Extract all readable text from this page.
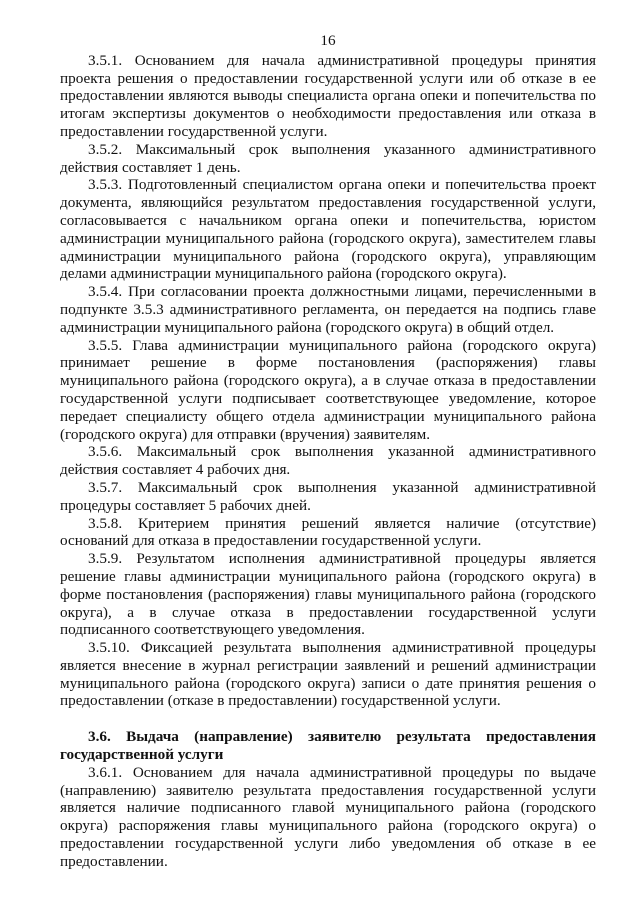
16

3.5.1. Основанием для начала административной процедуры принятия проекта решения о предоставлении государственной услуги или об отказе в ее предоставлении являются выводы специалиста органа опеки и попечительства по итогам экспертизы документов о необходимости предоставления или отказа в предоставлении государственной услуги.

3.5.2. Максимальный срок выполнения указанного административного действия составляет 1 день.

3.5.3. Подготовленный специалистом органа опеки и попечительства проект документа, являющийся результатом предоставления государственной услуги, согласовывается с начальником органа опеки и попечительства, юристом администрации муниципального района (городского округа), заместителем главы администрации муниципального района (городского округа), управляющим делами администрации муниципального района (городского округа).

3.5.4. При согласовании проекта должностными лицами, перечисленными в подпункте 3.5.3 административного регламента, он передается на подпись главе администрации муниципального района (городского округа) в общий отдел.

3.5.5. Глава администрации муниципального района (городского округа) принимает решение в форме постановления (распоряжения) главы муниципального района (городского округа), а в случае отказа в предоставлении государственной услуги подписывает соответствующее уведомление, которое передает специалисту общего отдела администрации муниципального района (городского округа) для отправки (вручения) заявителям.

3.5.6. Максимальный срок выполнения указанной административного действия составляет 4 рабочих дня.

3.5.7. Максимальный срок выполнения указанной административной процедуры составляет 5 рабочих дней.

3.5.8. Критерием принятия решений является наличие (отсутствие) оснований для отказа в предоставлении государственной услуги.

3.5.9. Результатом исполнения административной процедуры является решение главы администрации муниципального района (городского округа) в форме постановления (распоряжения) главы муниципального района (городского округа), а в случае отказа в предоставлении государственной услуги подписанного соответствующего уведомления.

3.5.10. Фиксацией результата выполнения административной процедуры является внесение в журнал регистрации заявлений и решений администрации муниципального района (городского округа) записи о дате принятия решения о предоставлении (отказе в предоставлении) государственной услуги.

3.6. Выдача (направление) заявителю результата предоставления государственной услуги

3.6.1. Основанием для начала административной процедуры по выдаче (направлению) заявителю результата предоставления государственной услуги является наличие подписанного главой муниципального района (городского округа) распоряжения главы муниципального района (городского округа) о предоставлении государственной услуги либо уведомления об отказе в ее предоставлении.
